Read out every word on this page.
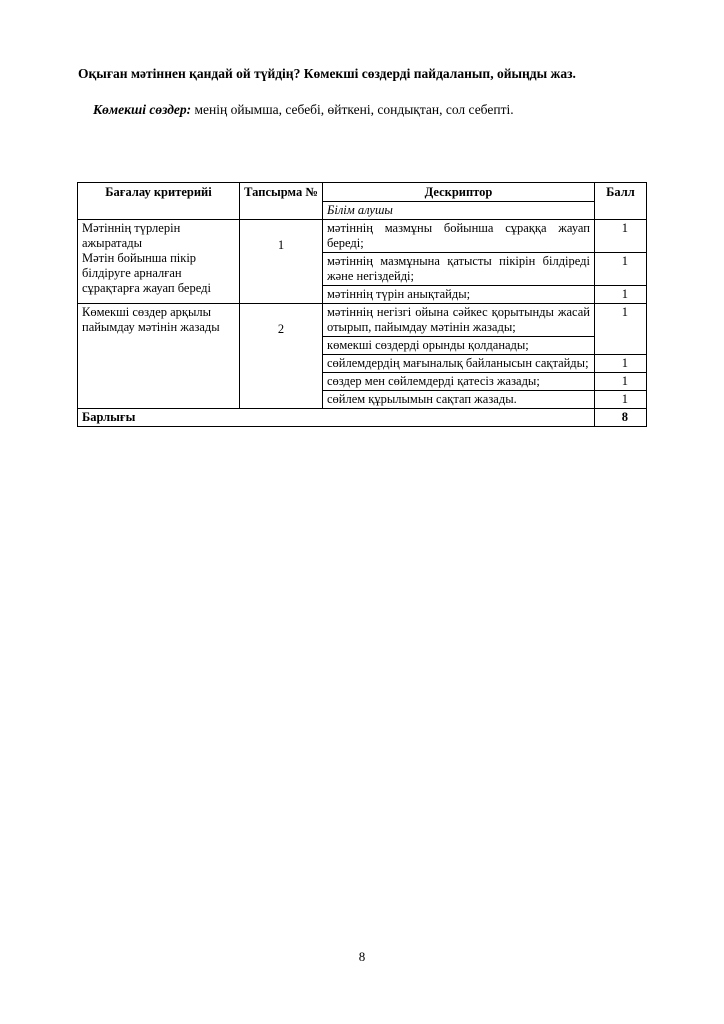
Оқыған мәтіннен қандай ой түйдің? Көмекші сөздерді пайдаланып, ойыңды жаз.
Көмекші сөздер: менің ойымша, себебі, өйткені, сондықтан, сол себепті.
Бағалау критерийі	Тапсырма №	Дескриптор	Балл
		Білім алушы	

Мәтіннің түрлерін ажыратады
Мәтін бойынша пікір білдіруге арналған сұрақтарға жауап береді	1	мәтіннің мазмұны бойынша сұраққа жауап береді;	1
		мәтіннің мазмұнына қатысты пікірін білдіреді және негіздейді;	1
		мәтіннің түрін анықтайды;	1

Көмекші сөздер арқылы пайымдау мәтінін жазады	2	мәтіннің негізгі ойына сәйкес қорытынды жасай отырып, пайымдау мәтінін жазады;	1
		көмекші сөздерді орынды қолданады;	
		сөйлемдердің мағыналық байланысын сақтайды;	1
		сөздер мен сөйлемдерді қатесіз жазады;	1
		сөйлем құрылымын сақтап жазады.	1
Барлығы			8
8
